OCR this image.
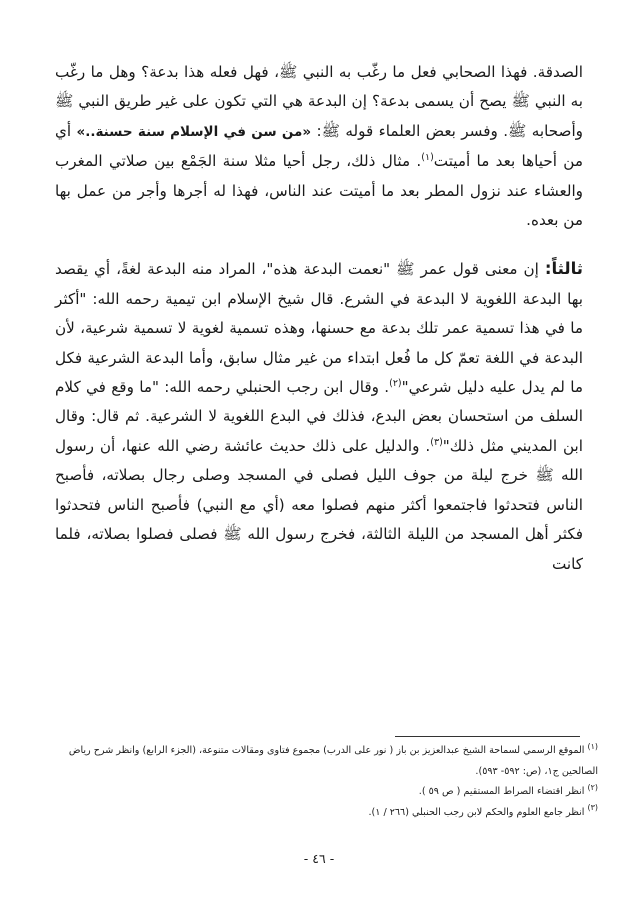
الصدقة. فهذا الصحابي فعل ما رغّب به النبي ﷺ، فهل فعله هذا بدعة؟ وهل ما رغّب به النبي ﷺ يصح أن يسمى بدعة؟ إن البدعة هي التي تكون على غير طريق النبي ﷺ وأصحابه ﷺ. وفسر بعض العلماء قوله ﷺ: «من سن في الإسلام سنة حسنة..» أي من أحياها بعد ما أميتت$^{(١)}$. مثال ذلك، رجل أحيا مثلا سنة الجَمْع بين صلاتي المغرب والعشاء عند نزول المطر بعد ما أميتت عند الناس، فهذا له أجرها وأجر من عمل بها من بعده.

ثالثاً: إن معنى قول عمر ﷺ "نعمت البدعة هذه"، المراد منه البدعة لغةً، أي يقصد بها البدعة اللغوية لا البدعة في الشرع. قال شيخ الإسلام ابن تيمية رحمه الله: "أكثر ما في هذا تسمية عمر تلك بدعة مع حسنها، وهذه تسمية لغوية لا تسمية شرعية، لأن البدعة في اللغة تعمّ كل ما فُعل ابتداء من غير مثال سابق، وأما البدعة الشرعية فكل ما لم يدل عليه دليل شرعي"$^{(٢)}$. وقال ابن رجب الحنبلي رحمه الله: "ما وقع في كلام السلف من استحسان بعض البدع، فذلك في البدع اللغوية لا الشرعية. ثم قال: وقال ابن المديني مثل ذلك"$^{(٣)}$. والدليل على ذلك حديث عائشة رضي الله عنها، أن رسول الله ﷺ خرج ليلة من جوف الليل فصلى في المسجد وصلى رجال بصلاته، فأصبح الناس فتحدثوا فاجتمعوا أكثر منهم فصلوا معه (أي مع النبي) فأصبح الناس فتحدثوا فكثر أهل المسجد من الليلة الثالثة، فخرج رسول الله ﷺ فصلى فصلوا بصلاته، فلما كانت

$^{(١)}$الموقع الرسمي لسماحة الشيخ عبدالعزيز بن باز ( نور على الدرب) مجموع فتاوى ومقالات متنوعة، (الجزء الرابع) وانظر شرح رياض الصالحين ج١، (ص: ٥٩٢- ٥٩٣).

$^{(٢)}$انظر اقتضاء الصراط المستقيم ( ص ٥٩ ).

$^{(٣)}$انظر جامع العلوم والحكم لابن رجب الحنبلي (٢٦٦ / ١).

- ٤٦ -
